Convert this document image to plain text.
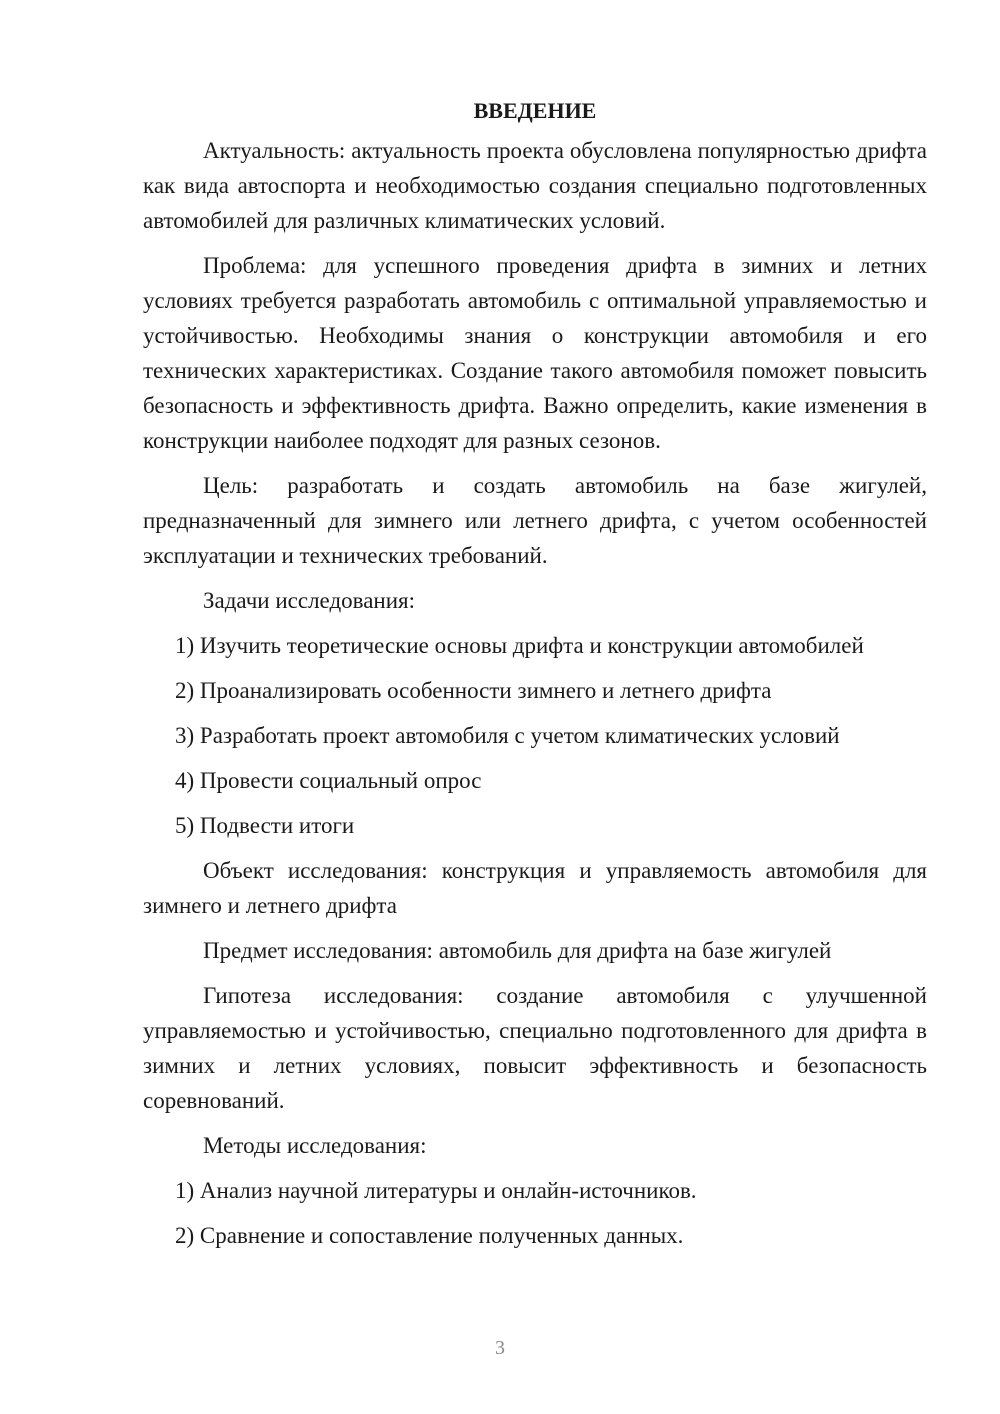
ВВЕДЕНИЕ

Актуальность: актуальность проекта обусловлена популярностью дрифта как вида автоспорта и необходимостью создания специально подготовленных автомобилей для различных климатических условий.

Проблема: для успешного проведения дрифта в зимних и летних условиях требуется разработать автомобиль с оптимальной управляемостью и устойчивостью. Необходимы знания о конструкции автомобиля и его технических характеристиках. Создание такого автомобиля поможет повысить безопасность и эффективность дрифта. Важно определить, какие изменения в конструкции наиболее подходят для разных сезонов.

Цель: разработать и создать автомобиль на базе жигулей, предназначенный для зимнего или летнего дрифта, с учетом особенностей эксплуатации и технических требований.

Задачи исследования:

1) Изучить теоретические основы дрифта и конструкции автомобилей
2) Проанализировать особенности зимнего и летнего дрифта
3) Разработать проект автомобиля с учетом климатических условий
4) Провести социальный опрос
5) Подвести итоги

Объект исследования: конструкция и управляемость автомобиля для зимнего и летнего дрифта

Предмет исследования: автомобиль для дрифта на базе жигулей

Гипотеза исследования: создание автомобиля с улучшенной управляемостью и устойчивостью, специально подготовленного для дрифта в зимних и летних условиях, повысит эффективность и безопасность соревнований.

Методы исследования:

1) Анализ научной литературы и онлайн-источников.
2) Сравнение и сопоставление полученных данных.
3
